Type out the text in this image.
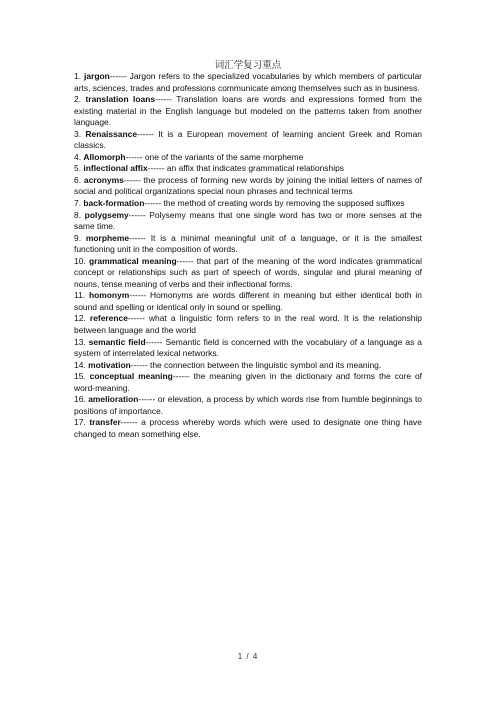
词汇学复习重点

1. jargon------ Jargon refers to the specialized vocabularies by which members of particular arts, sciences, trades and professions communicate among themselves such as in business.

2. translation loans------ Translation loans are words and expressions formed from the existing material in the English language but modeled on the patterns taken from another language.

3. Renaissance------ It is a European movement of learning ancient Greek and Roman classics.

4. Allomorph------ one of the variants of the same morpheme

5. inflectional affix------ an affix that indicates grammatical relationships

6. acronyms------ the process of forming new words by joining the initial letters of names of social and political organizations special noun phrases and technical terms

7. back-formation------ the method of creating words by removing the supposed suffixes

8. polygsemy------ Polysemy means that one single word has two or more senses at the same time.

9. morpheme------ It is a minimal meaningful unit of a language, or it is the smallest functioning unit in the composition of words.

10. grammatical meaning------ that part of the meaning of the word indicates grammatical concept or relationships such as part of speech of words, singular and plural meaning of nouns, tense meaning of verbs and their inflectional forms.

11. homonym------ Homonyms are words different in meaning but either identical both in sound and spelling or identical only in sound or spelling.

12. reference------ what a linguistic form refers to in the real word. It is the relationship between language and the world

13. semantic field------ Semantic field is concerned with the vocabulary of a language as a system of interrelated lexical networks.

14. motivation------ the connection between the linguistic symbol and its meaning.

15. conceptual meaning------ the meaning given in the dictionary and forms the core of word-meaning.

16. amelioration------ or elevation, a process by which words rise from humble beginnings to positions of importance.

17. transfer------ a process whereby words which were used to designate one thing have changed to mean something else.

1 / 4
